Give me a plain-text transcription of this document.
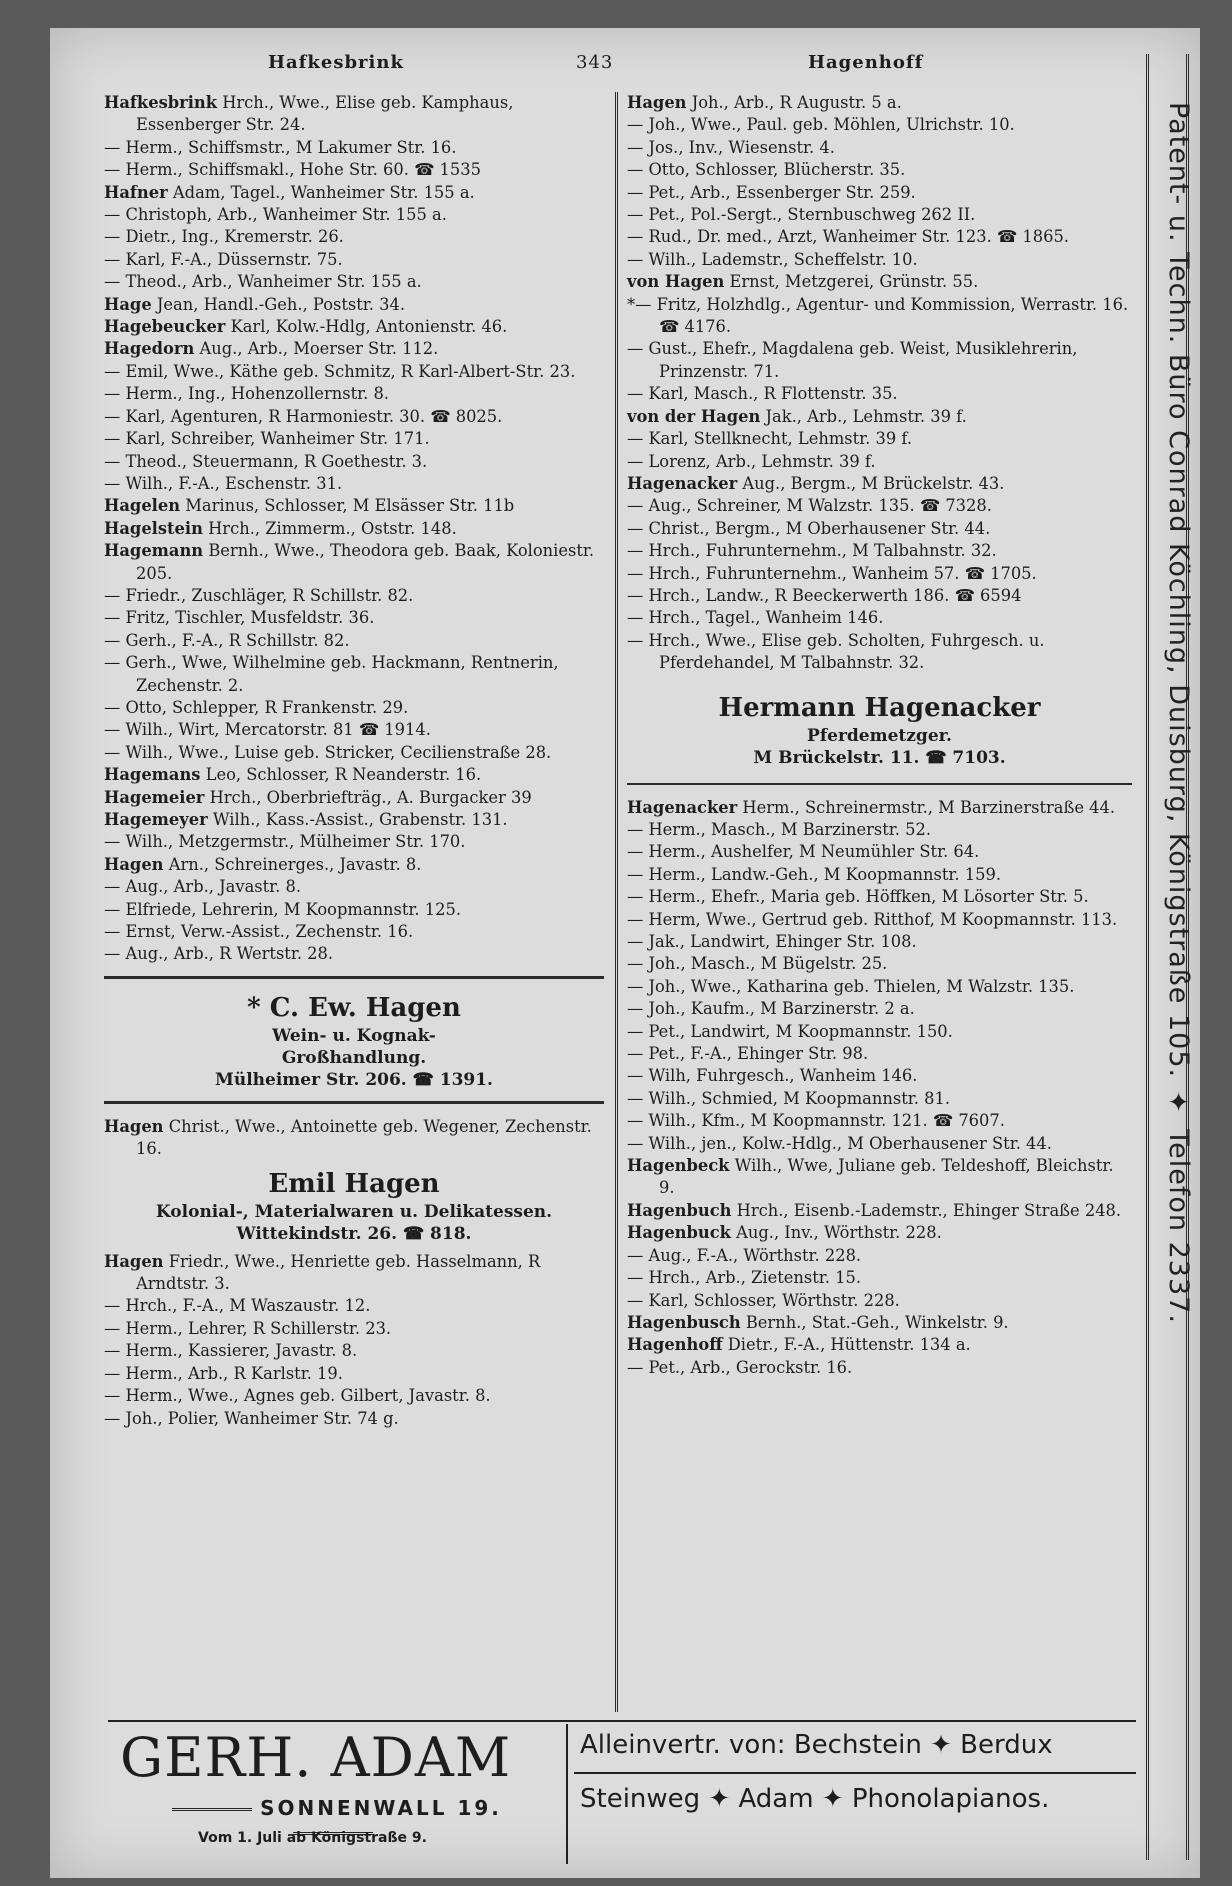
Hafkesbrink	343	Hagenhoff
Patent- u. Techn. Büro Conrad Köchling, Duisburg, Königstraße 105. ✦ Telefon 2337.

Hafkesbrink Hrch., Wwe., Elise geb. Kamphaus, Essenberger Str. 24.

— Herm., Schiffsmstr., M Lakumer Str. 16.

— Herm., Schiffsmakl., Hohe Str. 60. ☎ 1535

Hafner Adam, Tagel., Wanheimer Str. 155 a.

— Christoph, Arb., Wanheimer Str. 155 a.

— Dietr., Ing., Kremerstr. 26.

— Karl, F.-A., Düssernstr. 75.

— Theod., Arb., Wanheimer Str. 155 a.

Hage Jean, Handl.-Geh., Poststr. 34.

Hagebeucker Karl, Kolw.-Hdlg, Antonienstr. 46.

Hagedorn Aug., Arb., Moerser Str. 112.

— Emil, Wwe., Käthe geb. Schmitz, R Karl-Albert-Str. 23.

— Herm., Ing., Hohenzollernstr. 8.

— Karl, Agenturen, R Harmoniestr. 30. ☎ 8025.

— Karl, Schreiber, Wanheimer Str. 171.

— Theod., Steuermann, R Goethestr. 3.

— Wilh., F.-A., Eschenstr. 31.

Hagelen Marinus, Schlosser, M Elsässer Str. 11b

Hagelstein Hrch., Zimmerm., Oststr. 148.

Hagemann Bernh., Wwe., Theodora geb. Baak, Koloniestr. 205.

— Friedr., Zuschläger, R Schillstr. 82.

— Fritz, Tischler, Musfeldstr. 36.

— Gerh., F.-A., R Schillstr. 82.

— Gerh., Wwe, Wilhelmine geb. Hackmann, Rentnerin, Zechenstr. 2.

— Otto, Schlepper, R Frankenstr. 29.

— Wilh., Wirt, Mercatorstr. 81 ☎ 1914.

— Wilh., Wwe., Luise geb. Stricker, Cecilienstraße 28.

Hagemans Leo, Schlosser, R Neanderstr. 16.

Hagemeier Hrch., Oberbriefträg., A. Burgacker 39

Hagemeyer Wilh., Kass.-Assist., Grabenstr. 131.

— Wilh., Metzgermstr., Mülheimer Str. 170.

Hagen Arn., Schreinerges., Javastr. 8.

— Aug., Arb., Javastr. 8.

— Elfriede, Lehrerin, M Koopmannstr. 125.

— Ernst, Verw.-Assist., Zechenstr. 16.

— Aug., Arb., R Wertstr. 28.

* C. Ew. Hagen
Wein- u. Kognak-
Großhandlung.
Mülheimer Str. 206. ☎ 1391.

Hagen Christ., Wwe., Antoinette geb. Wegener, Zechenstr. 16.

Emil Hagen
Kolonial-, Materialwaren u. Delikatessen.
Wittekindstr. 26. ☎ 818.

Hagen Friedr., Wwe., Henriette geb. Hasselmann, R Arndtstr. 3.

— Hrch., F.-A., M Waszaustr. 12.

— Herm., Lehrer, R Schillerstr. 23.

— Herm., Kassierer, Javastr. 8.

— Herm., Arb., R Karlstr. 19.

— Herm., Wwe., Agnes geb. Gilbert, Javastr. 8.

— Joh., Polier, Wanheimer Str. 74 g.

Hagen Joh., Arb., R Augustr. 5 a.

— Joh., Wwe., Paul. geb. Möhlen, Ulrichstr. 10.

— Jos., Inv., Wiesenstr. 4.

— Otto, Schlosser, Blücherstr. 35.

— Pet., Arb., Essenberger Str. 259.

— Pet., Pol.-Sergt., Sternbuschweg 262 II.

— Rud., Dr. med., Arzt, Wanheimer Str. 123. ☎ 1865.

— Wilh., Lademstr., Scheffelstr. 10.

von Hagen Ernst, Metzgerei, Grünstr. 55.

*— Fritz, Holzhdlg., Agentur- und Kommission, Werrastr. 16. ☎ 4176.

— Gust., Ehefr., Magdalena geb. Weist, Musiklehrerin, Prinzenstr. 71.

— Karl, Masch., R Flottenstr. 35.

von der Hagen Jak., Arb., Lehmstr. 39 f.

— Karl, Stellknecht, Lehmstr. 39 f.

— Lorenz, Arb., Lehmstr. 39 f.

Hagenacker Aug., Bergm., M Brückelstr. 43.

— Aug., Schreiner, M Walzstr. 135. ☎ 7328.

— Christ., Bergm., M Oberhausener Str. 44.

— Hrch., Fuhrunternehm., M Talbahnstr. 32.

— Hrch., Fuhrunternehm., Wanheim 57. ☎ 1705.

— Hrch., Landw., R Beeckerwerth 186. ☎ 6594

— Hrch., Tagel., Wanheim 146.

— Hrch., Wwe., Elise geb. Scholten, Fuhrgesch. u. Pferdehandel, M Talbahnstr. 32.

Hermann Hagenacker
Pferdemetzger.
M Brückelstr. 11. ☎ 7103.

Hagenacker Herm., Schreinermstr., M Barzinerstraße 44.

— Herm., Masch., M Barzinerstr. 52.

— Herm., Aushelfer, M Neumühler Str. 64.

— Herm., Landw.-Geh., M Koopmannstr. 159.

— Herm., Ehefr., Maria geb. Höffken, M Lösorter Str. 5.

— Herm, Wwe., Gertrud geb. Ritthof, M Koopmannstr. 113.

— Jak., Landwirt, Ehinger Str. 108.

— Joh., Masch., M Bügelstr. 25.

— Joh., Wwe., Katharina geb. Thielen, M Walzstr. 135.

— Joh., Kaufm., M Barzinerstr. 2 a.

— Pet., Landwirt, M Koopmannstr. 150.

— Pet., F.-A., Ehinger Str. 98.

— Wilh, Fuhrgesch., Wanheim 146.

— Wilh., Schmied, M Koopmannstr. 81.

— Wilh., Kfm., M Koopmannstr. 121. ☎ 7607.

— Wilh., jen., Kolw.-Hdlg., M Oberhausener Str. 44.

Hagenbeck Wilh., Wwe, Juliane geb. Teldeshoff, Bleichstr. 9.

Hagenbuch Hrch., Eisenb.-Lademstr., Ehinger Straße 248.

Hagenbuck Aug., Inv., Wörthstr. 228.

— Aug., F.-A., Wörthstr. 228.

— Hrch., Arb., Zietenstr. 15.

— Karl, Schlosser, Wörthstr. 228.

Hagenbusch Bernh., Stat.-Geh., Winkelstr. 9.

Hagenhoff Dietr., F.-A., Hüttenstr. 134 a.

— Pet., Arb., Gerockstr. 16.

GERH. ADAM
SONNENWALL 19.
Vom 1. Juli ab Königstraße 9.
Alleinvertr. von: Bechstein ✦ Berdux
Steinweg ✦ Adam ✦ Phonolapianos.
